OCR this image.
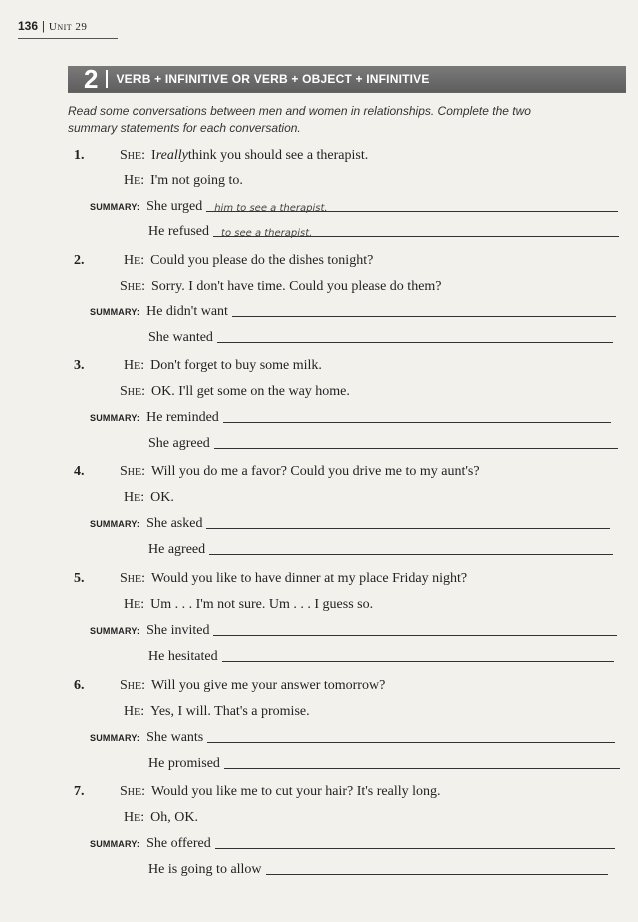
136 | Unit 29
2 VERB + INFINITIVE OR VERB + OBJECT + INFINITIVE
Read some conversations between men and women in relationships. Complete the two summary statements for each conversation.
1.	She: I really think you should see a therapist.
He: I'm not going to.
SUMMARY: She urged	him to see a therapist.
He refused	to see a therapist.
2.	He: Could you please do the dishes tonight?
She: Sorry. I don't have time. Could you please do them?
SUMMARY: He didn't want
She wanted
3.	He: Don't forget to buy some milk.
She: OK. I'll get some on the way home.
SUMMARY: He reminded
She agreed
4.	She: Will you do me a favor? Could you drive me to my aunt's?
He: OK.
SUMMARY: She asked
He agreed
5.	She: Would you like to have dinner at my place Friday night?
He: Um . . . I'm not sure. Um . . . I guess so.
SUMMARY: She invited
He hesitated
6.	She: Will you give me your answer tomorrow?
He: Yes, I will. That's a promise.
SUMMARY: She wants
He promised
7.	She: Would you like me to cut your hair? It's really long.
He: Oh, OK.
SUMMARY: She offered
He is going to allow
